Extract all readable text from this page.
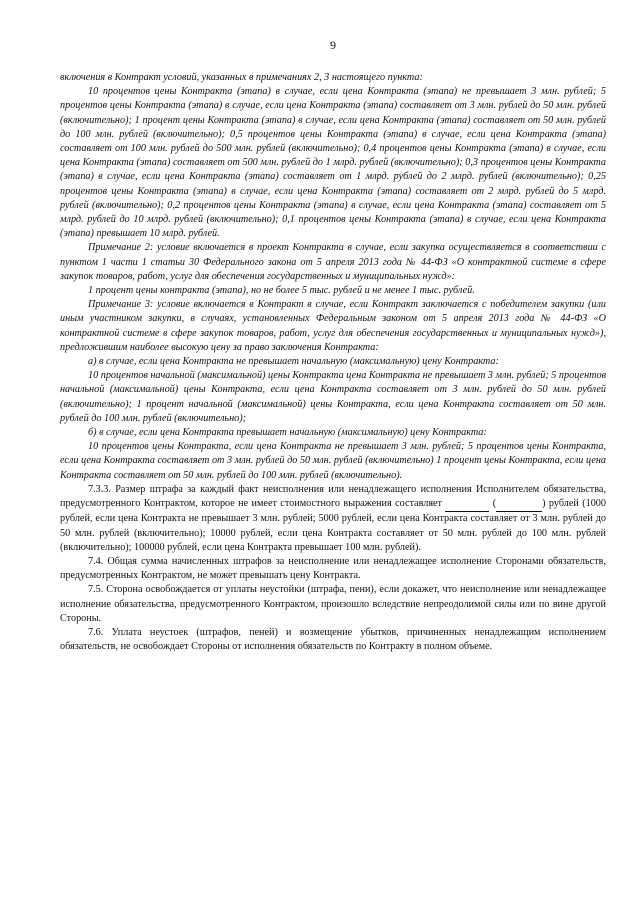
9

включения в Контракт условий, указанных в примечаниях 2, 3 настоящего пункта:

10 процентов цены Контракта (этапа) в случае, если цена Контракта (этапа) не превышает 3 млн. рублей; 5 процентов цены Контракта (этапа) в случае, если цена Контракта (этапа) составляет от 3 млн. рублей до 50 млн. рублей (включительно); 1 процент цены Контракта (этапа) в случае, если цена Контракта (этапа) составляет от 50 млн. рублей до 100 млн. рублей (включительно); 0,5 процентов цены Контракта (этапа) в случае, если цена Контракта (этапа) составляет от 100 млн. рублей до 500 млн. рублей (включительно); 0,4 процентов цены Контракта (этапа) в случае, если цена Контракта (этапа) составляет от 500 млн. рублей до 1 млрд. рублей (включительно); 0,3 процентов цены Контракта (этапа) в случае, если цена Контракта (этапа) составляет от 1 млрд. рублей до 2 млрд. рублей (включительно); 0,25 процентов цены Контракта (этапа) в случае, если цена Контракта (этапа) составляет от 2 млрд. рублей до 5 млрд. рублей (включительно); 0,2 процентов цены Контракта (этапа) в случае, если цена Контракта (этапа) составляет от 5 млрд. рублей до 10 млрд. рублей (включительно); 0,1 процентов цены Контракта (этапа) в случае, если цена Контракта (этапа) превышает 10 млрд. рублей.

Примечание 2: условие включается в проект Контракта в случае, если закупка осуществляется в соответствии с пунктом 1 части 1 статьи 30 Федерального закона от 5 апреля 2013 года № 44-ФЗ «О контрактной системе в сфере закупок товаров, работ, услуг для обеспечения государственных и муниципальных нужд»:

1 процент цены контракта (этапа), но не более 5 тыс. рублей и не менее 1 тыс. рублей.

Примечание 3: условие включается в Контракт в случае, если Контракт заключается с победителем закупки (или иным участником закупки, в случаях, установленных Федеральным законом от 5 апреля 2013 года № 44-ФЗ «О контрактной системе в сфере закупок товаров, работ, услуг для обеспечения государственных и муниципальных нужд»), предложившим наиболее высокую цену за право заключения Контракта:

а) в случае, если цена Контракта не превышает начальную (максимальную) цену Контракта:

10 процентов начальной (максимальной) цены Контракта цена Контракта не превышает 3 млн. рублей; 5 процентов начальной (максимальной) цены Контракта, если цена Контракта составляет от 3 млн. рублей до 50 млн. рублей (включительно); 1 процент начальной (максимальной) цены Контракта, если цена Контракта составляет от 50 млн. рублей до 100 млн. рублей (включительно);

б) в случае, если цена Контракта превышает начальную (максимальную) цену Контракта:

10 процентов цены Контракта, если цена Контракта не превышает 3 млн. рублей; 5 процентов цены Контракта, если цена Контракта составляет от 3 млн. рублей до 50 млн. рублей (включительно) 1 процент цены Контракта, если цена Контракта составляет от 50 млн. рублей до 100 млн. рублей (включительно).

7.3.3. Размер штрафа за каждый факт неисполнения или ненадлежащего исполнения Исполнителем обязательства, предусмотренного Контрактом, которое не имеет стоимостного выражения составляет	(	) рублей (1000 рублей, если цена Контракта не превышает 3 млн. рублей; 5000 рублей, если цена Контракта составляет от 3 млн. рублей до 50 млн. рублей (включительно); 10000 рублей, если цена Контракта составляет от 50 млн. рублей до 100 млн. рублей (включительно); 100000 рублей, если цена Контракта превышает 100 млн. рублей).

7.4. Общая сумма начисленных штрафов за неисполнение или ненадлежащее исполнение Сторонами обязательств, предусмотренных Контрактом, не может превышать цену Контракта.

7.5. Сторона освобождается от уплаты неустойки (штрафа, пени), если докажет, что неисполнение или ненадлежащее исполнение обязательства, предусмотренного Контрактом, произошло вследствие непреодолимой силы или по вине другой Стороны.

7.6. Уплата неустоек (штрафов, пеней) и возмещение убытков, причиненных ненадлежащим исполнением обязательств, не освобождает Стороны от исполнения обязательств по Контракту в полном объеме.
